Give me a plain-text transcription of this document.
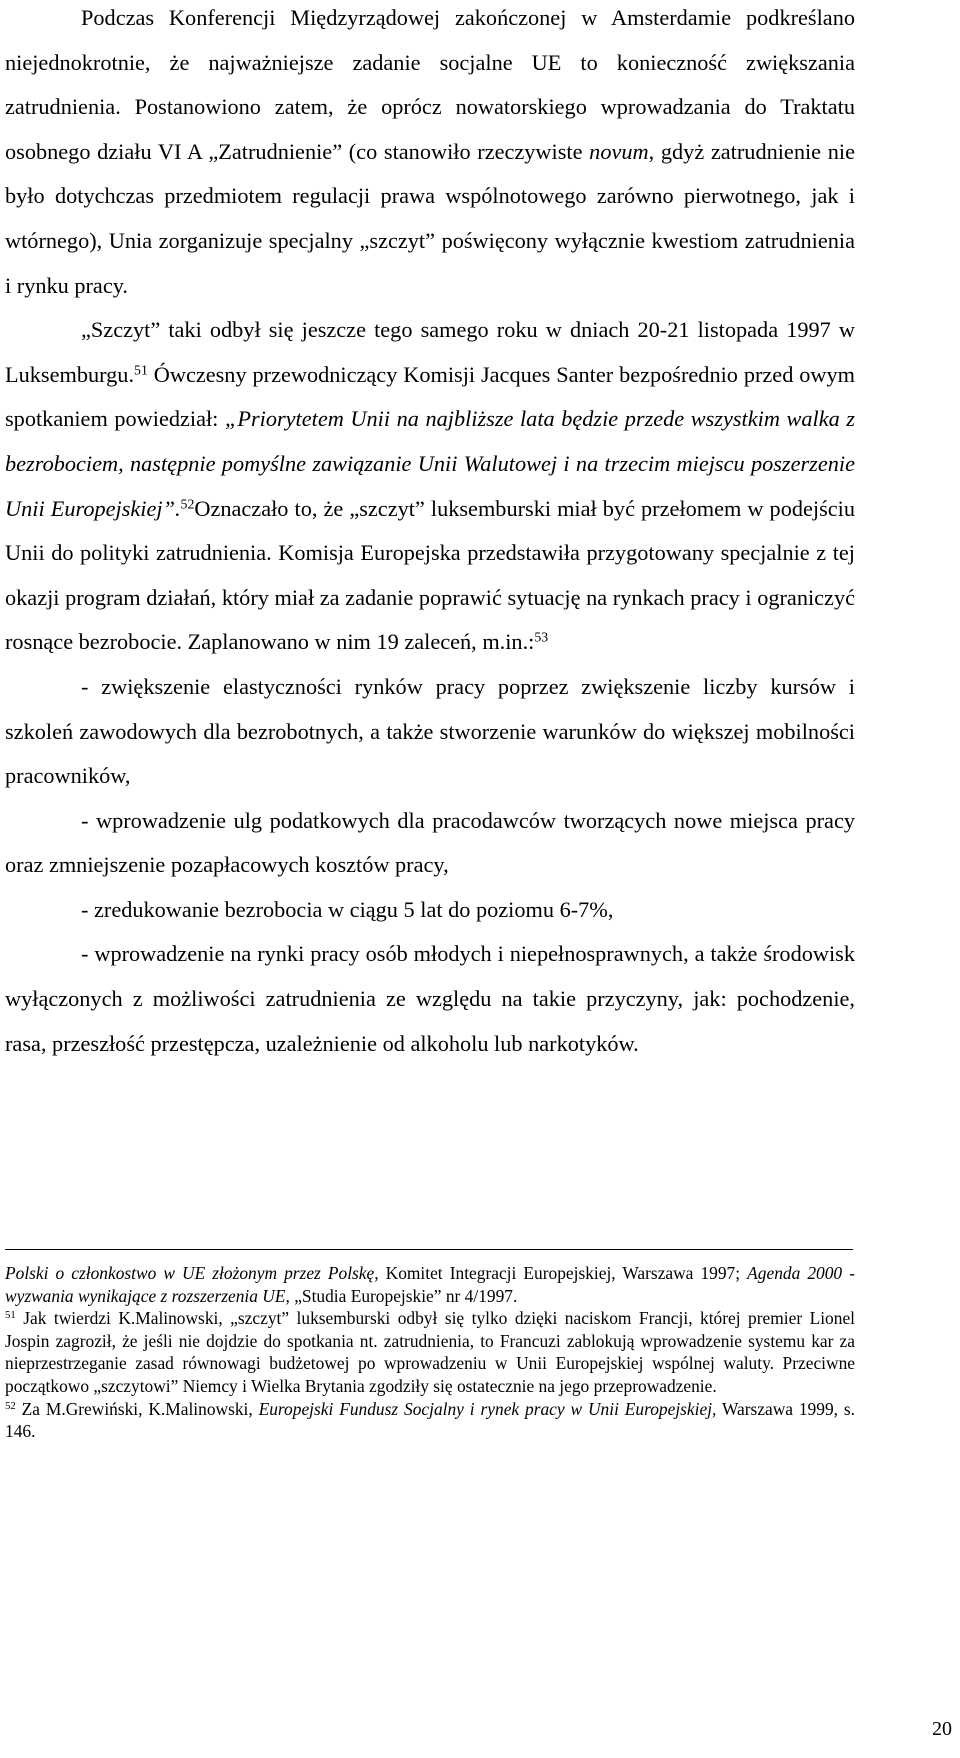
Podczas Konferencji Międzyrządowej zakończonej w Amsterdamie podkreślano niejednokrotnie, że najważniejsze zadanie socjalne UE to konieczność zwiększania zatrudnienia. Postanowiono zatem, że oprócz nowatorskiego wprowadzania do Traktatu osobnego działu VI A „Zatrudnienie” (co stanowiło rzeczywiste novum, gdyż zatrudnienie nie było dotychczas przedmiotem regulacji prawa wspólnotowego zarówno pierwotnego, jak i wtórnego), Unia zorganizuje specjalny „szczyt” poświęcony wyłącznie kwestiom zatrudnienia i rynku pracy.

„Szczyt” taki odbył się jeszcze tego samego roku w dniach 20-21 listopada 1997 w Luksemburgu.$^{51}$ Ówczesny przewodniczący Komisji Jacques Santer bezpośrednio przed owym spotkaniem powiedział: „Priorytetem Unii na najbliższe lata będzie przede wszystkim walka z bezrobociem, następnie pomyślne zawiązanie Unii Walutowej i na trzecim miejscu poszerzenie Unii Europejskiej”.$^{52}$Oznaczało to, że „szczyt” luksemburski miał być przełomem w podejściu Unii do polityki zatrudnienia. Komisja Europejska przedstawiła przygotowany specjalnie z tej okazji program działań, który miał za zadanie poprawić sytuację na rynkach pracy i ograniczyć rosnące bezrobocie. Zaplanowano w nim 19 zaleceń, m.in.:$^{53}$

- zwiększenie elastyczności rynków pracy poprzez zwiększenie liczby kursów i szkoleń zawodowych dla bezrobotnych, a także stworzenie warunków do większej mobilności pracowników,

- wprowadzenie ulg podatkowych dla pracodawców tworzących nowe miejsca pracy oraz zmniejszenie pozapłacowych kosztów pracy,

- zredukowanie bezrobocia w ciągu 5 lat do poziomu 6-7%,

- wprowadzenie na rynki pracy osób młodych i niepełnosprawnych, a także środowisk wyłączonych z możliwości zatrudnienia ze względu na takie przyczyny, jak: pochodzenie, rasa, przeszłość przestępcza, uzależnienie od alkoholu lub narkotyków.

Polski o członkostwo w UE złożonym przez Polskę, Komitet Integracji Europejskiej, Warszawa 1997; Agenda 2000 - wyzwania wynikające z rozszerzenia UE, „Studia Europejskie” nr 4/1997.

$^{51}$ Jak twierdzi K.Malinowski, „szczyt” luksemburski odbył się tylko dzięki naciskom Francji, której premier Lionel Jospin zagroził, że jeśli nie dojdzie do spotkania nt. zatrudnienia, to Francuzi zablokują wprowadzenie systemu kar za nieprzestrzeganie zasad równowagi budżetowej po wprowadzeniu w Unii Europejskiej wspólnej waluty. Przeciwne początkowo „szczytowi” Niemcy i Wielka Brytania zgodziły się ostatecznie na jego przeprowadzenie.

$^{52}$ Za M.Grewiński, K.Malinowski, Europejski Fundusz Socjalny i rynek pracy w Unii Europejskiej, Warszawa 1999, s. 146.

20
